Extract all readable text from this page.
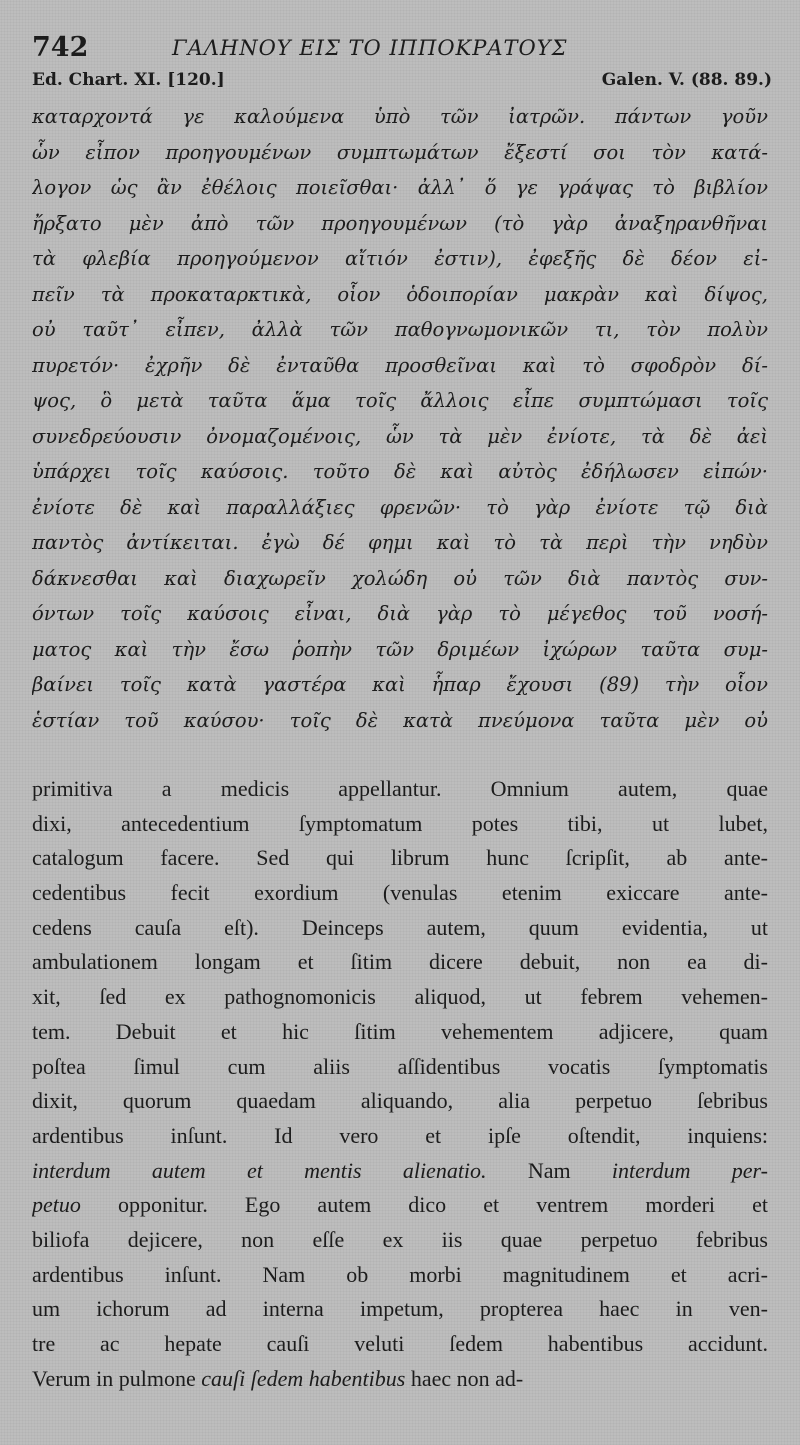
742	ΓΑΛΗΝΟΥ ΕΙΣ ΤΟ ΙΠΠΟΚΡΑΤΟΥΣ
Ed. Chart. XI. [120.]	Galen. V. (88. 89.)
καταρχοντά γε καλούμενα ὑπὸ τῶν ἰατρῶν. πάντων γοῦν
ὧν εἶπον προηγουμένων συμπτωμάτων ἔξεστί σοι τὸν κατά-
λογον ὡς ἂν ἐθέλοις ποιεῖσθαι· ἀλλ᾿ ὅ γε γράψας τὸ βιβλίον
ἤρξατο μὲν ἀπὸ τῶν προηγουμένων (τὸ γὰρ ἀναξηρανθῆναι
τὰ φλεβία προηγούμενον αἴτιόν ἐστιν), ἐφεξῆς δὲ δέον εἰ-
πεῖν τὰ προκαταρκτικὰ, οἷον ὁδοιπορίαν μακρὰν καὶ δίψος,
οὐ ταῦτ᾿ εἶπεν, ἀλλὰ τῶν παθογνωμονικῶν τι, τὸν πολὺν
πυρετόν· ἐχρῆν δὲ ἐνταῦθα προσθεῖναι καὶ τὸ σφοδρὸν δί-
ψος, ὃ μετὰ ταῦτα ἅμα τοῖς ἄλλοις εἶπε συμπτώμασι τοῖς
συνεδρεύουσιν ὀνομαζομένοις, ὧν τὰ μὲν ἐνίοτε, τὰ δὲ ἀεὶ
ὑπάρχει τοῖς καύσοις. τοῦτο δὲ καὶ αὐτὸς ἐδήλωσεν εἰπών·
ἐνίοτε δὲ καὶ παραλλάξιες φρενῶν· τὸ γὰρ ἐνίοτε τῷ διὰ
παντὸς ἀντίκειται. ἐγὼ δέ φημι καὶ τὸ τὰ περὶ τὴν νηδὺν
δάκνεσθαι καὶ διαχωρεῖν χολώδη οὐ τῶν διὰ παντὸς συν-
όντων τοῖς καύσοις εἶναι, διὰ γὰρ τὸ μέγεθος τοῦ νοσή-
ματος καὶ τὴν ἔσω ῥοπὴν τῶν δριμέων ἰχώρων ταῦτα συμ-
βαίνει τοῖς κατὰ γαστέρα καὶ ἧπαρ ἔχουσι (89) τὴν οἷον
ἑστίαν τοῦ καύσου· τοῖς δὲ κατὰ πνεύμονα ταῦτα μὲν οὐ
primitiva a medicis appellantur. Omnium autem, quae
dixi, antecedentium ſymptomatum potes tibi, ut lubet,
catalogum facere. Sed qui librum hunc ſcripſit, ab ante-
cedentibus fecit exordium (venulas etenim exiccare ante-
cedens cauſa eſt). Deinceps autem, quum evidentia, ut
ambulationem longam et ſitim dicere debuit, non ea di-
xit, ſed ex pathognomonicis aliquod, ut febrem vehemen-
tem. Debuit et hic ſitim vehementem adjicere, quam
poſtea ſimul cum aliis aſſidentibus vocatis ſymptomatis
dixit, quorum quaedam aliquando, alia perpetuo ſebribus
ardentibus inſunt. Id vero et ipſe oſtendit, inquiens:
interdum autem et mentis alienatio. Nam interdum per-
petuo opponitur. Ego autem dico et ventrem morderi et
biliofa dejicere, non eſſe ex iis quae perpetuo febribus
ardentibus inſunt. Nam ob morbi magnitudinem et acri-
um ichorum ad interna impetum, propterea haec in ven-
tre ac hepate cauſi veluti ſedem habentibus accidunt.
Verum in pulmone cauſi ſedem habentibus haec non ad-
